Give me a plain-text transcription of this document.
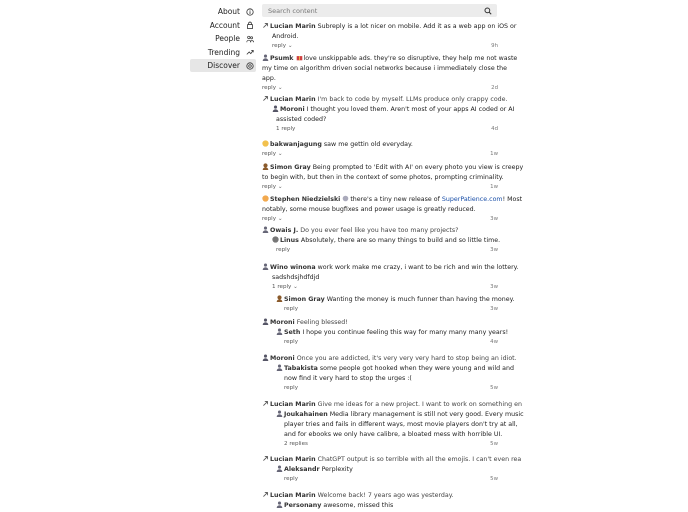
About
Account
People
Trending
Discover
Search content
Lucian Marin Subreply is a lot nicer on mobile. Add it as a web app on iOS or
Android.
reply ⌄	9h
Psumk love unskippable ads. they're so disruptive, they help me not waste
my time on algorithm driven social networks because i immediately close the
app.
reply ⌄	2d
Lucian Marin I'm back to code by myself. LLMs produce only crappy code.
Moroni I thought you loved them. Aren't most of your apps AI coded or AI
assisted coded?
1 reply	4d
bakwanjagung saw me gettin old everyday.
reply ⌄	1w
Simon Gray Being prompted to 'Edit with AI' on every photo you view is creepy
to begin with, but then in the context of some photos, prompting criminality.
reply ⌄	1w
Stephen Niedzielski there's a tiny new release of SuperPatience.com! Most
notably, some mouse bugfixes and power usage is greatly reduced.
reply ⌄	3w
Owais J. Do you ever feel like you have too many projects?
Linus Absolutely, there are so many things to build and so little time.
reply	3w
Wino winona work work make me crazy, i want to be rich and win the lottery.
sadshdsjhdfdjd
1 reply ⌄	3w
Simon Gray Wanting the money is much funner than having the money.
reply	3w
Moroni Feeling blessed!
Seth I hope you continue feeling this way for many many many years!
reply	4w
Moroni Once you are addicted, it's very very very hard to stop being an idiot.
Tabakista some people got hooked when they were young and wild and
now find it very hard to stop the urges :(
reply	5w
Lucian Marin Give me ideas for a new project. I want to work on something en
Joukahainen Media library management is still not very good. Every music
player tries and fails in different ways, most movie players don't try at all,
and for ebooks we only have calibre, a bloated mess with horrible UI.
2 replies	5w
Lucian Marin ChatGPT output is so terrible with all the emojis. I can't even rea
Aleksandr Perplexity
reply	5w
Lucian Marin Welcome back! 7 years ago was yesterday.
Personany awesome, missed this
